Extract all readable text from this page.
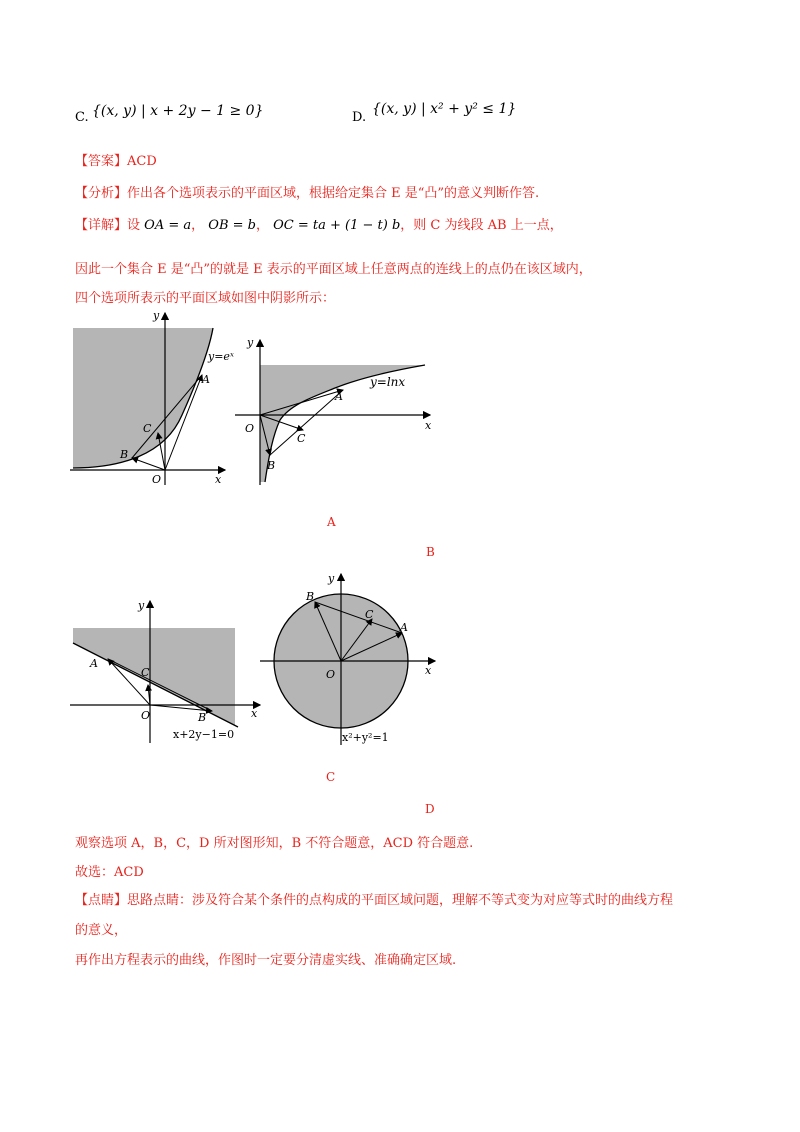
C. {(x, y) | x + 2y − 1 ≥ 0}	D.
{(x, y) | x² + y² ≤ 1}
【答案】ACD
【分析】作出各个选项表示的平面区域，根据给定集合 E 是“凸”的意义判断作答.
【详解】设 OA = a， OB = b， OC = ta + (1 − t) b，则 C 为线段 AB 上一点，
因此一个集合 E 是“凸”的就是 E 表示的平面区域上任意两点的连线上的点仍在该区域内，
四个选项所表示的平面区域如图中阴影所示：
y=eˣ
A
B
C
O	x
y
y=lnx
A
B
C
O	x
y
A
B
A
B
C
O	x
y
x+2y−1=0
A
B
C
O	x
y
x²+y²=1
C
D
观察选项 A，B，C，D 所对图形知，B 不符合题意，ACD 符合题意.
故选：ACD
【点睛】思路点睛：涉及符合某个条件的点构成的平面区域问题，理解不等式变为对应等式时的曲线方程
的意义，
再作出方程表示的曲线，作图时一定要分清虚实线、准确确定区域.
